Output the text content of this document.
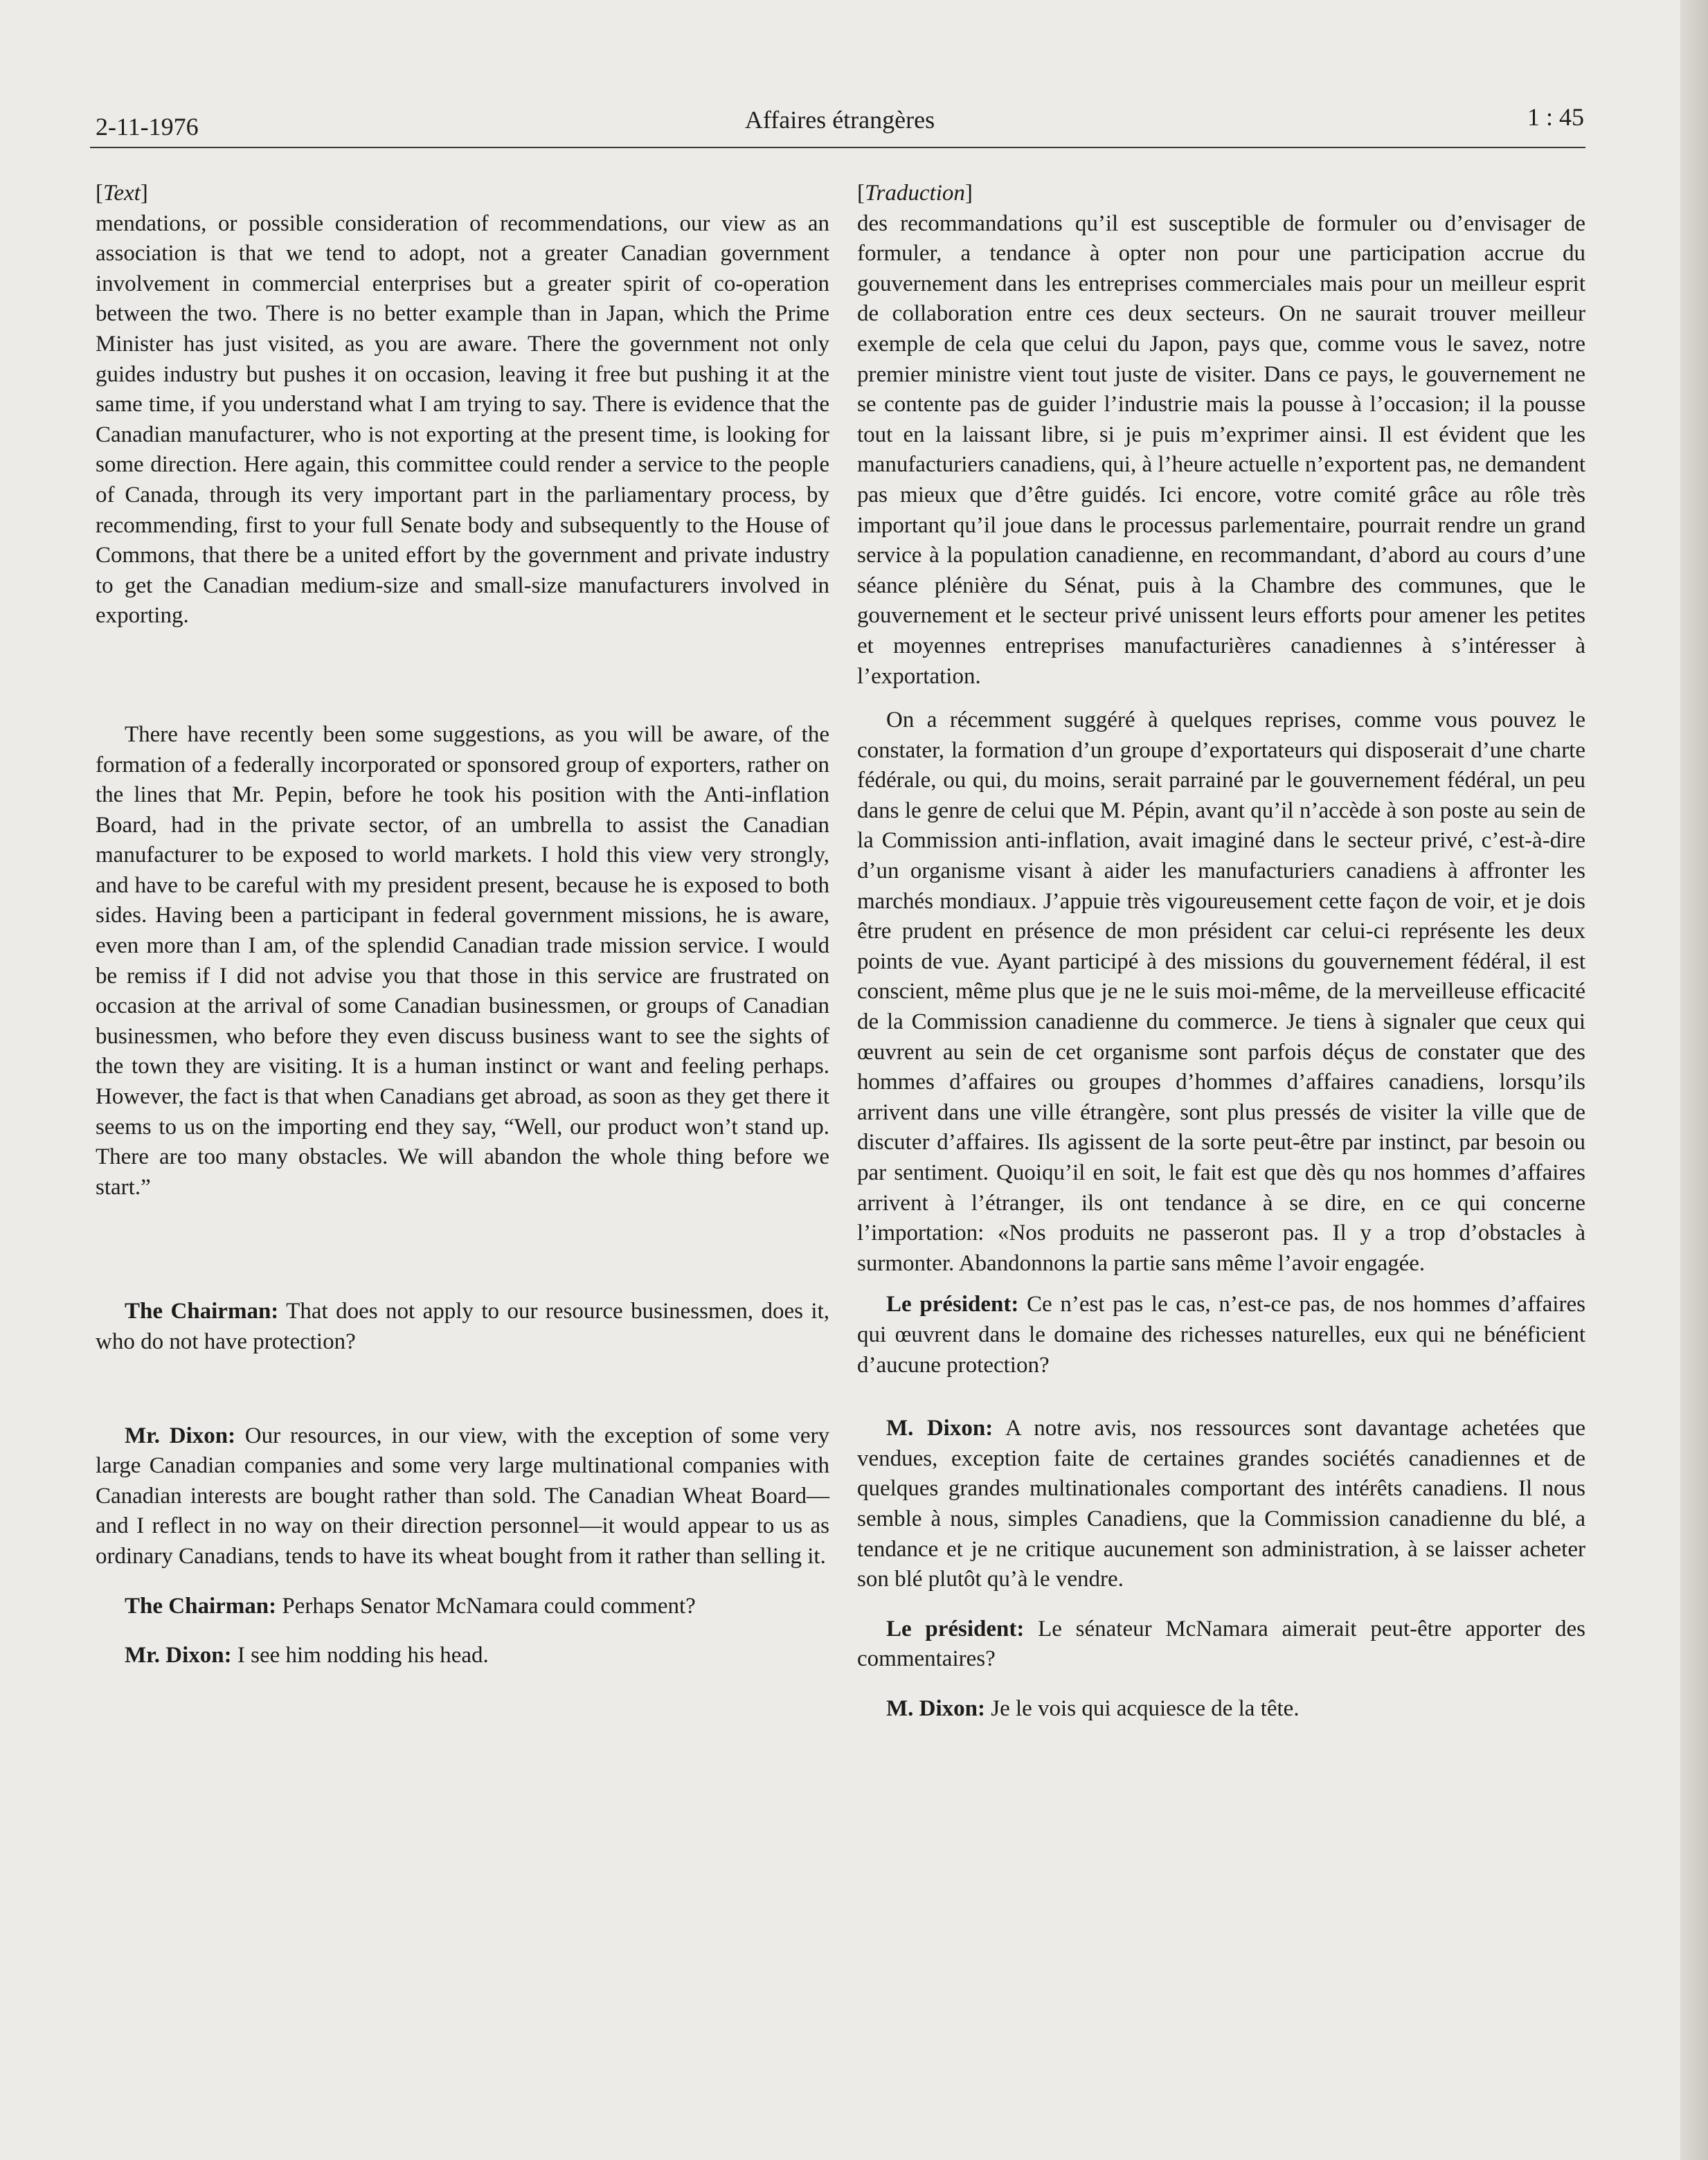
2-11-1976	Affaires étrangères	1 : 45

[Text]

mendations, or possible consideration of recommendations, our view as an association is that we tend to adopt, not a greater Canadian government involvement in commercial enterprises but a greater spirit of co-operation between the two. There is no better example than in Japan, which the Prime Minister has just visited, as you are aware. There the government not only guides industry but pushes it on occasion, leaving it free but pushing it at the same time, if you understand what I am trying to say. There is evidence that the Canadian manufacturer, who is not exporting at the present time, is looking for some direction. Here again, this committee could render a service to the people of Canada, through its very important part in the parliamentary process, by recommending, first to your full Senate body and subsequently to the House of Commons, that there be a united effort by the government and private industry to get the Canadian medium-size and small-size manufacturers involved in exporting.

There have recently been some suggestions, as you will be aware, of the formation of a federally incorporated or sponsored group of exporters, rather on the lines that Mr. Pepin, before he took his position with the Anti-inflation Board, had in the private sector, of an umbrella to assist the Canadian manufacturer to be exposed to world markets. I hold this view very strongly, and have to be careful with my president present, because he is exposed to both sides. Having been a participant in federal government missions, he is aware, even more than I am, of the splendid Canadian trade mission service. I would be remiss if I did not advise you that those in this service are frustrated on occasion at the arrival of some Canadian businessmen, or groups of Canadian businessmen, who before they even discuss business want to see the sights of the town they are visiting. It is a human instinct or want and feeling perhaps. However, the fact is that when Canadians get abroad, as soon as they get there it seems to us on the importing end they say, “Well, our product won’t stand up. There are too many obstacles. We will abandon the whole thing before we start.”

The Chairman: That does not apply to our resource businessmen, does it, who do not have protection?

Mr. Dixon: Our resources, in our view, with the exception of some very large Canadian companies and some very large multinational companies with Canadian interests are bought rather than sold. The Canadian Wheat Board—and I reflect in no way on their direction personnel—it would appear to us as ordinary Canadians, tends to have its wheat bought from it rather than selling it.

The Chairman: Perhaps Senator McNamara could comment?

Mr. Dixon: I see him nodding his head.

[Traduction]

des recommandations qu’il est susceptible de formuler ou d’envisager de formuler, a tendance à opter non pour une participation accrue du gouvernement dans les entreprises commerciales mais pour un meilleur esprit de collaboration entre ces deux secteurs. On ne saurait trouver meilleur exemple de cela que celui du Japon, pays que, comme vous le savez, notre premier ministre vient tout juste de visiter. Dans ce pays, le gouvernement ne se contente pas de guider l’industrie mais la pousse à l’occasion; il la pousse tout en la laissant libre, si je puis m’exprimer ainsi. Il est évident que les manufacturiers canadiens, qui, à l’heure actuelle n’exportent pas, ne demandent pas mieux que d’être guidés. Ici encore, votre comité grâce au rôle très important qu’il joue dans le processus parlementaire, pourrait rendre un grand service à la population canadienne, en recommandant, d’abord au cours d’une séance plénière du Sénat, puis à la Chambre des communes, que le gouvernement et le secteur privé unissent leurs efforts pour amener les petites et moyennes entreprises manufacturières canadiennes à s’intéresser à l’exportation.

On a récemment suggéré à quelques reprises, comme vous pouvez le constater, la formation d’un groupe d’exportateurs qui disposerait d’une charte fédérale, ou qui, du moins, serait parrainé par le gouvernement fédéral, un peu dans le genre de celui que M. Pépin, avant qu’il n’accède à son poste au sein de la Commission anti-inflation, avait imaginé dans le secteur privé, c’est-à-dire d’un organisme visant à aider les manufacturiers canadiens à affronter les marchés mondiaux. J’appuie très vigoureusement cette façon de voir, et je dois être prudent en présence de mon président car celui-ci représente les deux points de vue. Ayant participé à des missions du gouvernement fédéral, il est conscient, même plus que je ne le suis moi-même, de la merveilleuse efficacité de la Commission canadienne du commerce. Je tiens à signaler que ceux qui œuvrent au sein de cet organisme sont parfois déçus de constater que des hommes d’affaires ou groupes d’hommes d’affaires canadiens, lorsqu’ils arrivent dans une ville étrangère, sont plus pressés de visiter la ville que de discuter d’affaires. Ils agissent de la sorte peut-être par instinct, par besoin ou par sentiment. Quoiqu’il en soit, le fait est que dès qu nos hommes d’affaires arrivent à l’étranger, ils ont tendance à se dire, en ce qui concerne l’importation: «Nos produits ne passeront pas. Il y a trop d’obstacles à surmonter. Abandonnons la partie sans même l’avoir engagée.

Le président: Ce n’est pas le cas, n’est-ce pas, de nos hommes d’affaires qui œuvrent dans le domaine des richesses naturelles, eux qui ne bénéficient d’aucune protection?

M. Dixon: A notre avis, nos ressources sont davantage achetées que vendues, exception faite de certaines grandes sociétés canadiennes et de quelques grandes multinationales comportant des intérêts canadiens. Il nous semble à nous, simples Canadiens, que la Commission canadienne du blé, a tendance et je ne critique aucunement son administration, à se laisser acheter son blé plutôt qu’à le vendre.

Le président: Le sénateur McNamara aimerait peut-être apporter des commentaires?

M. Dixon: Je le vois qui acquiesce de la tête.
